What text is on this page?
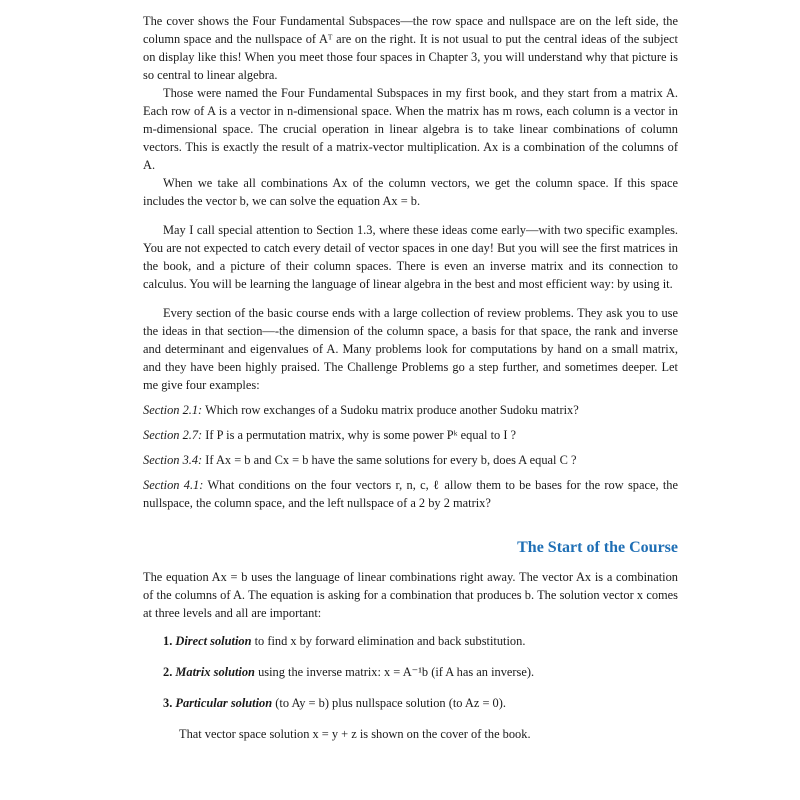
The cover shows the Four Fundamental Subspaces—the row space and nullspace are on the left side, the column space and the nullspace of Aᵀ are on the right. It is not usual to put the central ideas of the subject on display like this! When you meet those four spaces in Chapter 3, you will understand why that picture is so central to linear algebra.

Those were named the Four Fundamental Subspaces in my first book, and they start from a matrix A. Each row of A is a vector in n-dimensional space. When the matrix has m rows, each column is a vector in m-dimensional space. The crucial operation in linear algebra is to take linear combinations of column vectors. This is exactly the result of a matrix-vector multiplication. Ax is a combination of the columns of A.

When we take all combinations Ax of the column vectors, we get the column space. If this space includes the vector b, we can solve the equation Ax = b.

May I call special attention to Section 1.3, where these ideas come early—with two specific examples. You are not expected to catch every detail of vector spaces in one day! But you will see the first matrices in the book, and a picture of their column spaces. There is even an inverse matrix and its connection to calculus. You will be learning the language of linear algebra in the best and most efficient way: by using it.

Every section of the basic course ends with a large collection of review problems. They ask you to use the ideas in that section—-the dimension of the column space, a basis for that space, the rank and inverse and determinant and eigenvalues of A. Many problems look for computations by hand on a small matrix, and they have been highly praised. The Challenge Problems go a step further, and sometimes deeper. Let me give four examples:

Section 2.1: Which row exchanges of a Sudoku matrix produce another Sudoku matrix?

Section 2.7: If P is a permutation matrix, why is some power Pᵏ equal to I ?

Section 3.4: If Ax = b and Cx = b have the same solutions for every b, does A equal C ?

Section 4.1: What conditions on the four vectors r, n, c, ℓ allow them to be bases for the row space, the nullspace, the column space, and the left nullspace of a 2 by 2 matrix?

The Start of the Course

The equation Ax = b uses the language of linear combinations right away. The vector Ax is a combination of the columns of A. The equation is asking for a combination that produces b. The solution vector x comes at three levels and all are important:

1. Direct solution to find x by forward elimination and back substitution.
2. Matrix solution using the inverse matrix: x = A⁻¹b (if A has an inverse).
3. Particular solution (to Ay = b) plus nullspace solution (to Az = 0).

That vector space solution x = y + z is shown on the cover of the book.
